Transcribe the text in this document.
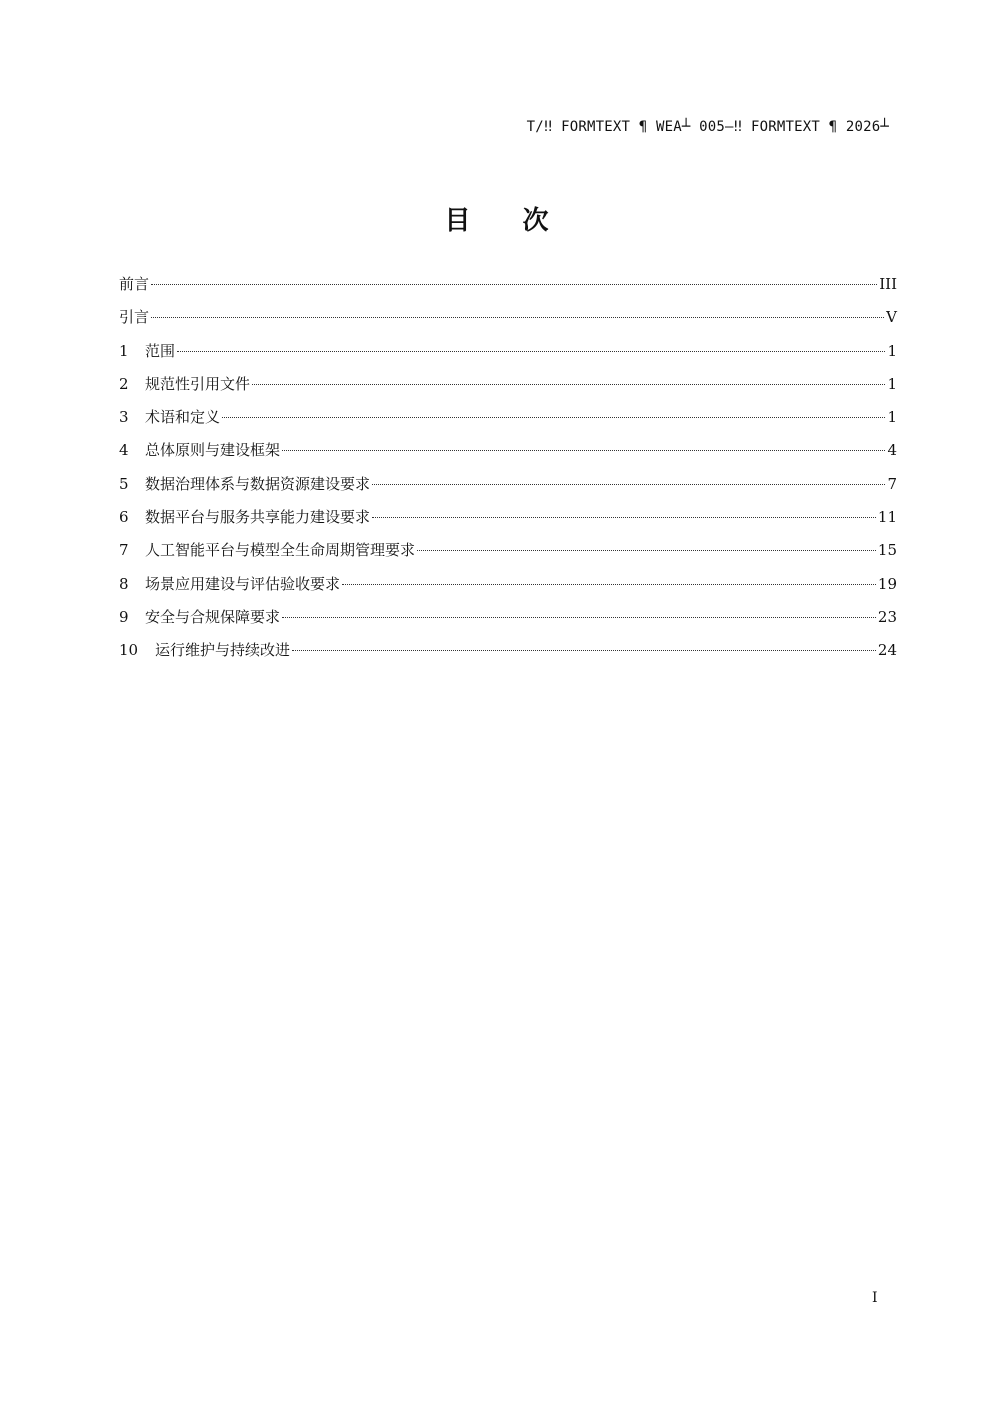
T/‼ FORMTEXT ¶ WEA┴ 005—‼ FORMTEXT ¶ 2026┴
目次
前言	III
引言	V
1	范围	1
2	规范性引用文件	1
3	术语和定义	1
4	总体原则与建设框架	4
5	数据治理体系与数据资源建设要求	7
6	数据平台与服务共享能力建设要求	11
7	人工智能平台与模型全生命周期管理要求	15
8	场景应用建设与评估验收要求	19
9	安全与合规保障要求	23
10	运行维护与持续改进	24
I
